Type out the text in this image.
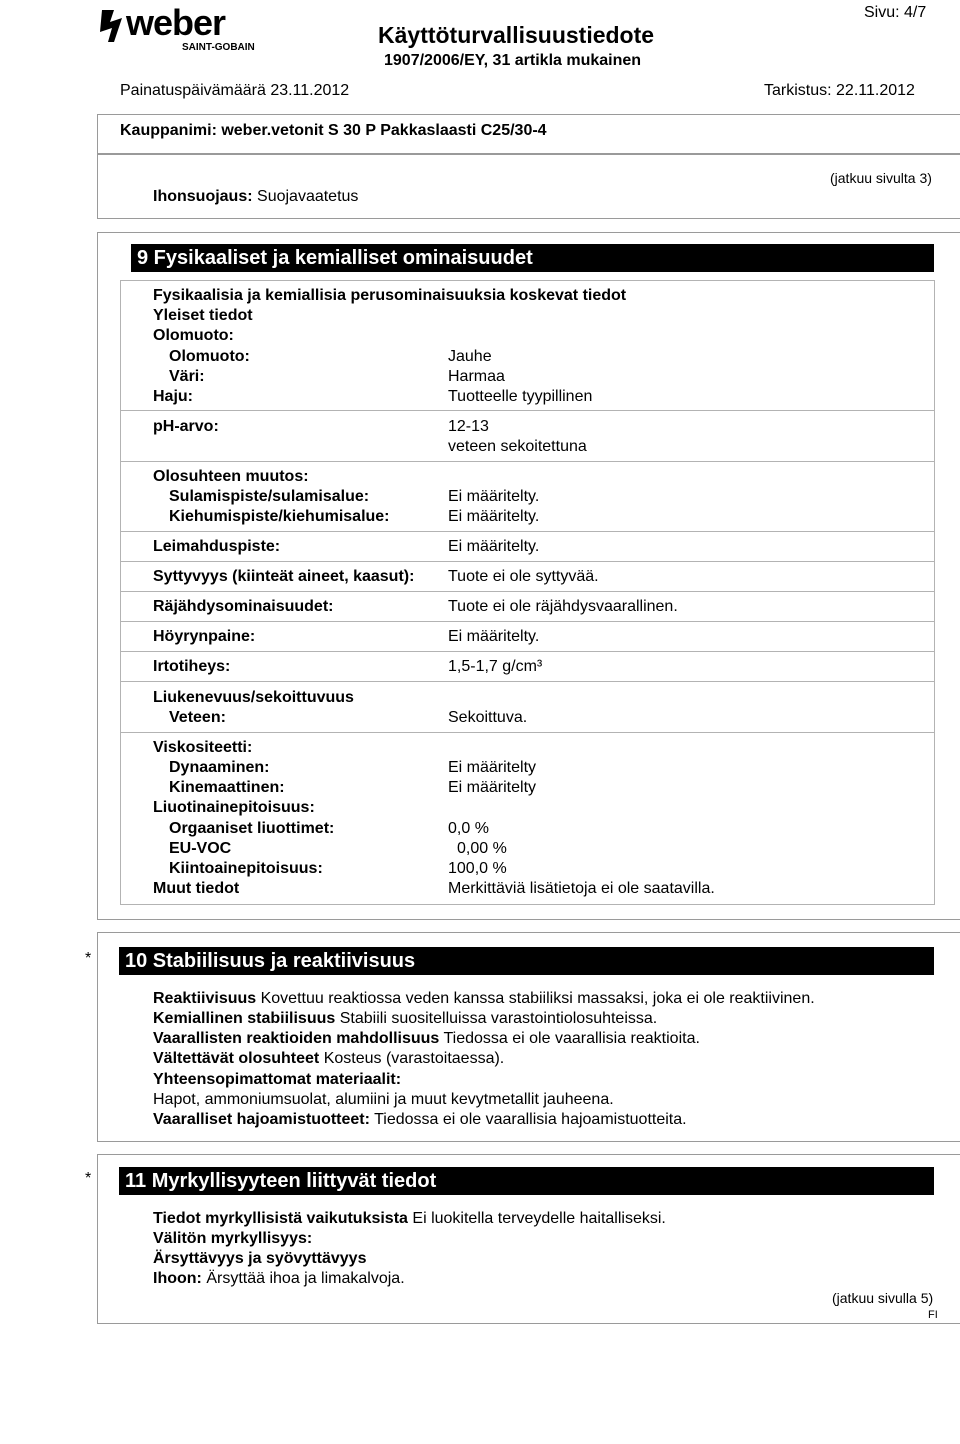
weber
SAINT-GOBAIN	Käyttöturvallisuustiedote
1907/2006/EY, 31 artikla mukainen
Sivu: 4/7
Painatuspäivämäärä 23.11.2012	Tarkistus: 22.11.2012
Kauppanimi: weber.vetonit S 30 P Pakkaslaasti C25/30-4
(jatkuu sivulta 3)
Ihonsuojaus: Suojavaatetus
9 Fysikaaliset ja kemialliset ominaisuudet
Fysikaalisia ja kemiallisia perusominaisuuksia koskevat tiedot
Yleiset tiedot
Olomuoto:
Olomuoto:	Jauhe
Väri:	Harmaa
Haju:	Tuotteelle tyypillinen
pH-arvo:	12-13
veteen sekoitettuna
Olosuhteen muutos:
Sulamispiste/sulamisalue:	Ei määritelty.
Kiehumispiste/kiehumisalue:	Ei määritelty.
Leimahduspiste:	Ei määritelty.
Syttyvyys (kiinteät aineet, kaasut): Tuote ei ole syttyvää.
Räjähdysominaisuudet:	Tuote ei ole räjähdysvaarallinen.
Höyrynpaine:	Ei määritelty.
Irtotiheys:	1,5-1,7 g/cm³
Liukenevuus/sekoittuvuus
Veteen:	Sekoittuva.
Viskositeetti:
Dynaaminen:	Ei määritelty
Kinemaattinen:	Ei määritelty
Liuotinainepitoisuus:
Orgaaniset liuottimet:	0,0 %
EU-VOC	0,00 %
Kiintoainepitoisuus:	100,0 %
Muut tiedot	Merkittäviä lisätietoja ei ole saatavilla.
*	10 Stabiilisuus ja reaktiivisuus
Reaktiivisuus Kovettuu reaktiossa veden kanssa stabiiliksi massaksi, joka ei ole reaktiivinen.
Kemiallinen stabiilisuus Stabiili suositelluissa varastointiolosuhteissa.
Vaarallisten reaktioiden mahdollisuus Tiedossa ei ole vaarallisia reaktioita.
Vältettävät olosuhteet Kosteus (varastoitaessa).
Yhteensopimattomat materiaalit:
Hapot, ammoniumsuolat, alumiini ja muut kevytmetallit jauheena.
Vaaralliset hajoamistuotteet: Tiedossa ei ole vaarallisia hajoamistuotteita.
*	11 Myrkyllisyyteen liittyvät tiedot
Tiedot myrkyllisistä vaikutuksista Ei luokitella terveydelle haitalliseksi.
Välitön myrkyllisyys:
Ärsyttävyys ja syövyttävyys
Ihoon: Ärsyttää ihoa ja limakalvoja.
(jatkuu sivulla 5)
FI
